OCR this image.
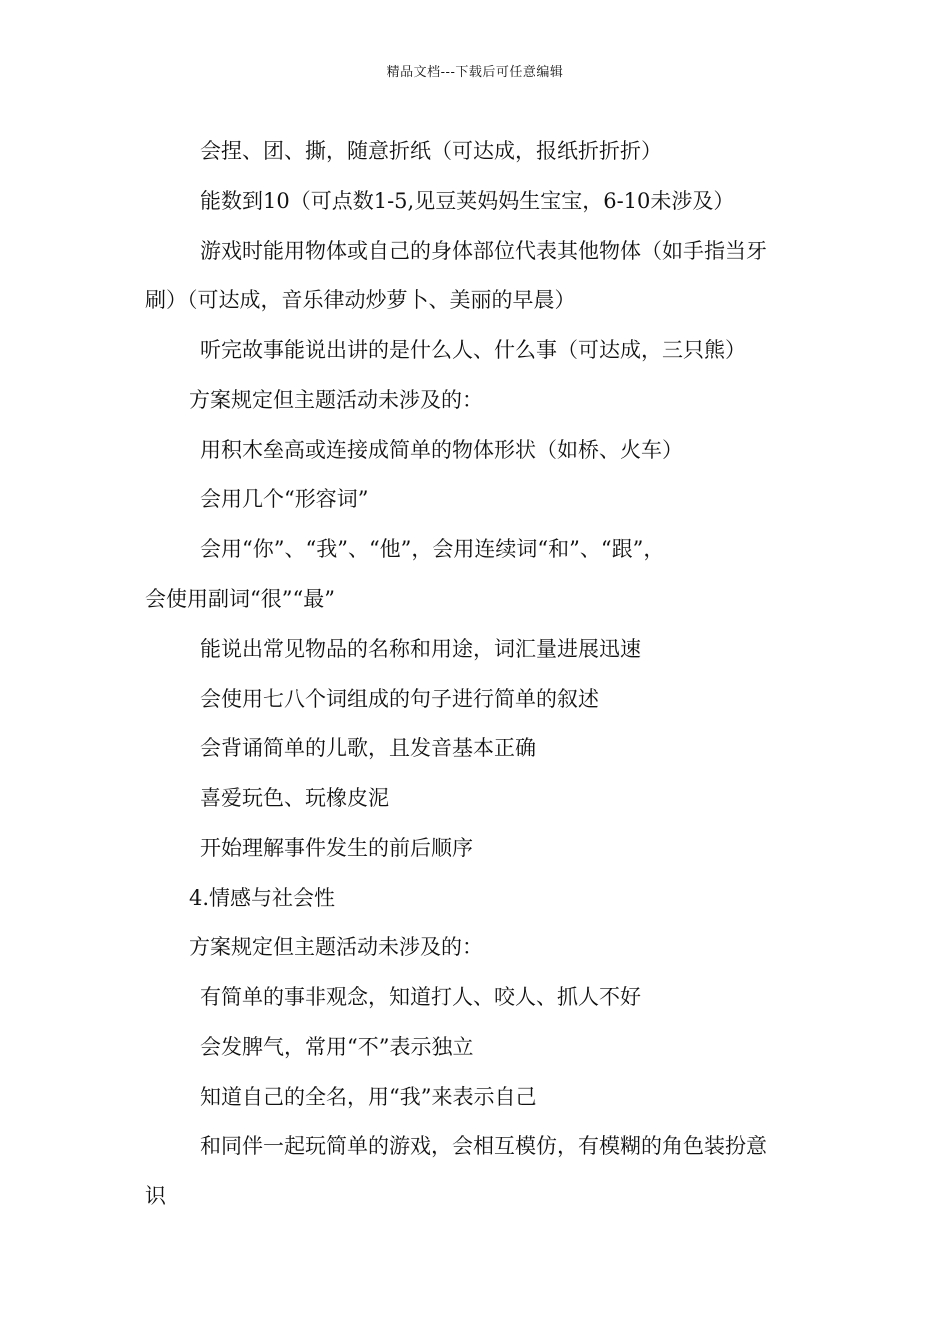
精品文档---下载后可任意编辑
会捏、团、撕，随意折纸（可达成，报纸折折折）
能数到10（可点数1-5,见豆荚妈妈生宝宝，6-10未涉及）
游戏时能用物体或自己的身体部位代表其他物体（如手指当牙
刷）（可达成，音乐律动炒萝卜、美丽的早晨）
听完故事能说出讲的是什么人、什么事（可达成，三只熊）
方案规定但主题活动未涉及的：
用积木垒高或连接成简单的物体形状（如桥、火车）
会用几个“形容词”
会用“你”、“我”、“他”，会用连续词“和”、“跟”，
会使用副词“很”“最”
能说出常见物品的名称和用途，词汇量进展迅速
会使用七八个词组成的句子进行简单的叙述
会背诵简单的儿歌，且发音基本正确
喜爱玩色、玩橡皮泥
开始理解事件发生的前后顺序
4.情感与社会性
方案规定但主题活动未涉及的：
有简单的事非观念，知道打人、咬人、抓人不好
会发脾气，常用“不”表示独立
知道自己的全名，用“我”来表示自己
和同伴一起玩简单的游戏，会相互模仿，有模糊的角色装扮意
识
